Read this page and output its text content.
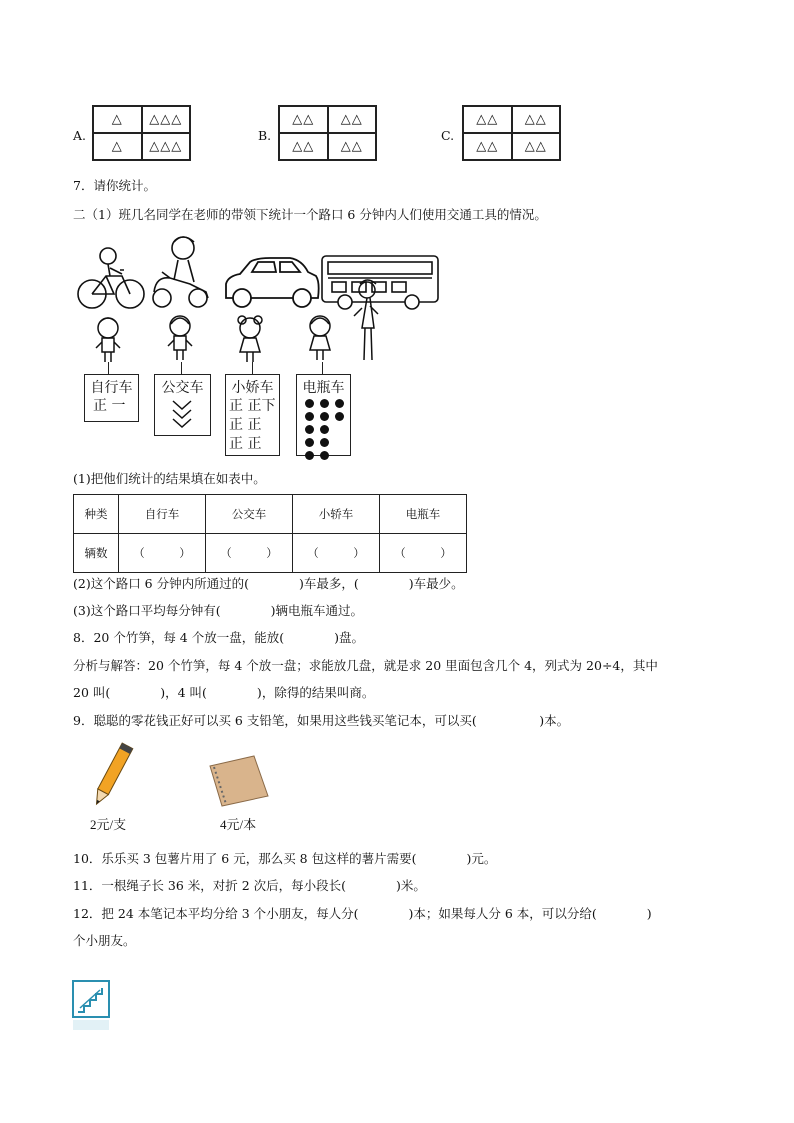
A.
△	△△△
△	△△△
B.
△△	△△
△△	△△
C.
△△	△△
△△	△△
7．请你统计。
二（1）班几名同学在老师的带领下统计一个路口 6 分钟内人们使用交通工具的情况。
自行车
正 一
公交车	小娇车
正 正下
正 正
正 正
电瓶车

(1)把他们统计的结果填在如表中。
种类	自行车	公交车	小轿车	电瓶车
辆数	（　　　）	（　　　）	（　　　）	（　　　）
(2)这个路口 6 分钟内所通过的(　　　　)车最多，(　　　　)车最少。
(3)这个路口平均每分钟有(　　　　)辆电瓶车通过。
8．20 个竹笋，每 4 个放一盘，能放(　　　　)盘。
分析与解答：20 个竹笋，每 4 个放一盘；求能放几盘，就是求 20 里面包含几个 4，列式为 20÷4，其中
20 叫(　　　　)，4 叫(　　　　)，除得的结果叫商。
9．聪聪的零花钱正好可以买 6 支铅笔，如果用这些钱买笔记本，可以买(　　　　　)本。
2元/支	4元/本
10．乐乐买 3 包薯片用了 6 元，那么买 8 包这样的薯片需要(　　　　)元。
11．一根绳子长 36 米，对折 2 次后，每小段长(　　　　)米。
12．把 24 本笔记本平均分给 3 个小朋友，每人分(　　　　)本；如果每人分 6 本，可以分给(　　　　)
个小朋友。
